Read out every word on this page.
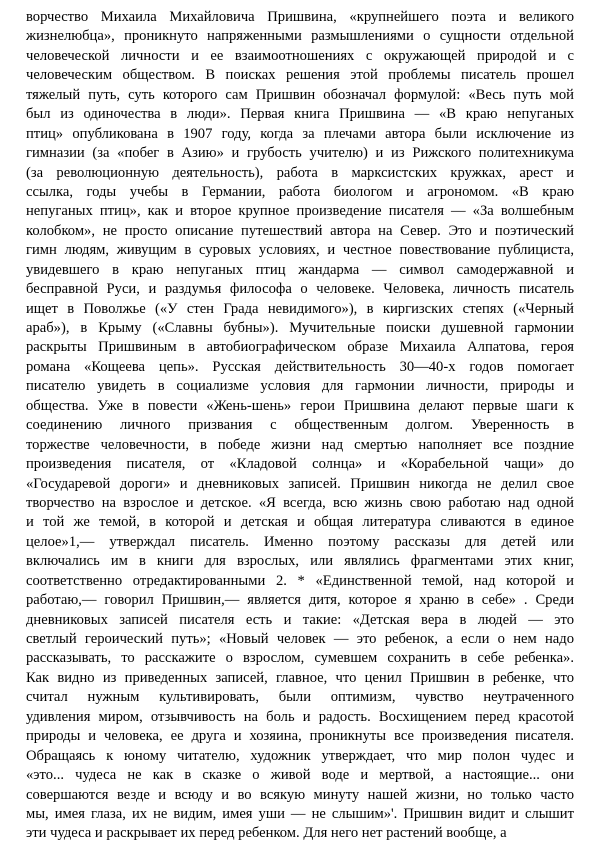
ворчество Михаила Михайловича Пришвина, «крупнейшего поэта и великого
жизнелюбца», проникнуто напряженными размышлениями о сущности отдельной
человеческой личности и ее взаимоотношениях с окружающей природой и с
человеческим обществом. В поисках решения этой проблемы писатель прошел
тяжелый путь, суть которого сам Пришвин обозначал формулой: «Весь путь мой
был из одиночества в люди». Первая книга Пришвина — «В краю непуганых
птиц» опубликована в 1907 году, когда за плечами автора были исключение из
гимназии (за «побег в Азию» и грубость учителю) и из Рижского политехникума
(за революционную деятельность), работа в марксистских кружках, арест и
ссылка, годы учебы в Германии, работа биологом и агрономом. «В краю
непуганых птиц», как и второе крупное произведение писателя — «За волшебным
колобком», не просто описание путешествий автора на Север. Это и поэтический
гимн людям, живущим в суровых условиях, и честное повествование публициста,
увидевшего в краю непуганых птиц жандарма — символ самодержавной и
бесправной Руси, и раздумья философа о человеке. Человека, личность писатель
ищет в Поволжье («У стен Града невидимого»), в киргизских степях («Черный
араб»), в Крыму («Славны бубны»). Мучительные поиски душевной гармонии
раскрыты Пришвиным в автобиографическом образе Михаила Алпатова, героя
романа «Кощеева цепь». Русская действительность 30—40-х годов помогает
писателю увидеть в социализме условия для гармонии личности, природы и
общества. Уже в повести «Жень-шень» герои Пришвина делают первые шаги к
соединению личного призвания с общественным долгом. Уверенность в
торжестве человечности, в победе жизни над смертью наполняет все поздние
произведения писателя, от «Кладовой солнца» и «Корабельной чащи» до
«Государевой дороги» и дневниковых записей. Пришвин никогда не делил свое
творчество на взрослое и детское. «Я всегда, всю жизнь свою работаю над одной
и той же темой, в которой и детская и общая литература сливаются в единое
целое»1,— утверждал писатель. Именно поэтому рассказы для детей или
включались им в книги для взрослых, или являлись фрагментами этих книг,
соответственно отредактированными 2. * «Единственной темой, над которой и
работаю,— говорил Пришвин,— является дитя, которое я храню в себе» . Среди
дневниковых записей писателя есть и такие: «Детская вера в людей — это
светлый героический путь»; «Новый человек — это ребенок, а если о нем надо
рассказывать, то расскажите о взрослом, сумевшем сохранить в себе ребенка».
Как видно из приведенных записей, главное, что ценил Пришвин в ребенке, что
считал нужным культивировать, были оптимизм, чувство неутраченного
удивления миром, отзывчивость на боль и радость. Восхищением перед красотой
природы и человека, ее друга и хозяина, проникнуты все произведения писателя.
Обращаясь к юному читателю, художник утверждает, что мир полон чудес и
«это... чудеса не как в сказке о живой воде и мертвой, а настоящие... они
совершаются везде и всюду и во всякую минуту нашей жизни, но только часто
мы, имея глаза, их не видим, имея уши — не слышим»'. Пришвин видит и слышит
эти чудеса и раскрывает их перед ребенком. Для него нет растений вообще, а
